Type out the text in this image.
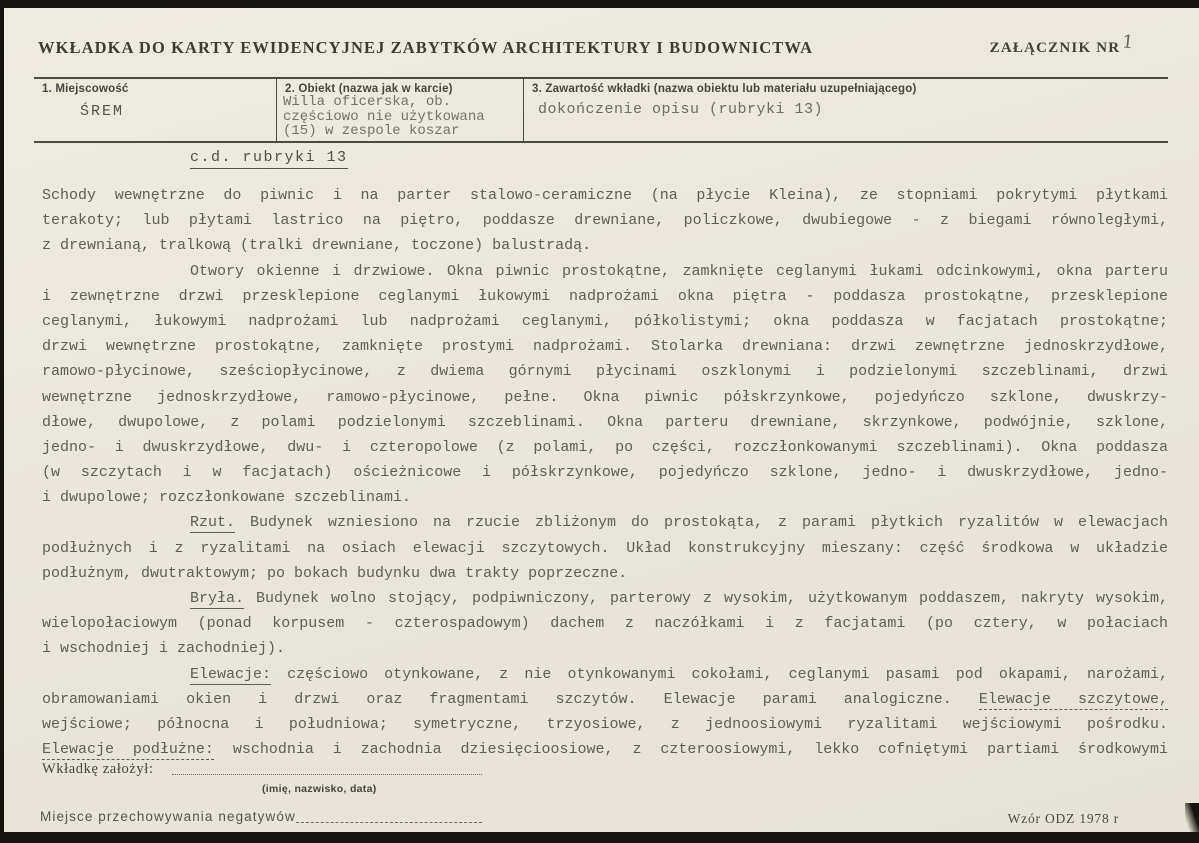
WKŁADKA DO KARTY EWIDENCYJNEJ ZABYTKÓW ARCHITEKTURY I BUDOWNICTWA	ZAŁĄCZNIK NR1
1. Miejscowość
ŚREM
2. Obiekt (nazwa jak w karcie)
Willa oficerska, ob.
częściowo nie użytkowana
(15) w zespole koszar
3. Zawartość wkładki (nazwa obiektu lub materiału uzupełniającego)
dokończenie opisu (rubryki 13)
c.d. rubryki 13
Schody wewnętrzne do piwnic i na parter stalowo-ceramiczne (na płycie Kleina), ze stopniami pokrytymi płytkami
terakoty; lub płytami lastrico na piętro, poddasze drewniane, policzkowe, dwubiegowe - z biegami równoległymi,
z drewnianą, tralkową (tralki drewniane, toczone) balustradą.
Otwory okienne i drzwiowe. Okna piwnic prostokątne, zamknięte ceglanymi łukami odcinkowymi, okna parteru
i zewnętrzne drzwi przesklepione ceglanymi łukowymi nadprożami okna piętra - poddasza prostokątne, przesklepione
ceglanymi, łukowymi nadprożami lub nadprożami ceglanymi, półkolistymi; okna poddasza w facjatach prostokątne;
drzwi wewnętrzne prostokątne, zamknięte prostymi nadprożami. Stolarka drewniana: drzwi zewnętrzne jednoskrzydłowe,
ramowo-płycinowe, sześciopłycinowe, z dwiema górnymi płycinami oszklonymi i podzielonymi szczeblinami, drzwi
wewnętrzne jednoskrzydłowe, ramowo-płycinowe, pełne. Okna piwnic półskrzynkowe, pojedyńczo szklone, dwuskrzy-
dłowe, dwupolowe, z polami podzielonymi szczeblinami. Okna parteru drewniane, skrzynkowe, podwójnie, szklone,
jedno- i dwuskrzydłowe, dwu- i czteropolowe (z polami, po części, rozczłonkowanymi szczeblinami). Okna poddasza
(w szczytach i w facjatach) ościeżnicowe i półskrzynkowe, pojedyńczo szklone, jedno- i dwuskrzydłowe, jedno-
i dwupolowe; rozczłonkowane szczeblinami.
Rzut. Budynek wzniesiono na rzucie zbliżonym do prostokąta, z parami płytkich ryzalitów w elewacjach
podłużnych i z ryzalitami na osiach elewacji szczytowych. Układ konstrukcyjny mieszany: część środkowa w układzie
podłużnym, dwutraktowym; po bokach budynku dwa trakty poprzeczne.
Bryła. Budynek wolno stojący, podpiwniczony, parterowy z wysokim, użytkowanym poddaszem, nakryty wysokim,
wielopołaciowym (ponad korpusem - czterospadowym) dachem z naczółkami i z facjatami (po cztery, w połaciach
i wschodniej i zachodniej).
Elewacje: częściowo otynkowane, z nie otynkowanymi cokołami, ceglanymi pasami pod okapami, narożami,
obramowaniami okien i drzwi oraz fragmentami szczytów. Elewacje parami analogiczne. Elewacje szczytowe,
wejściowe; północna i południowa; symetryczne, trzyosiowe, z jednoosiowymi ryzalitami wejściowymi pośrodku.
Elewacje podłużne: wschodnia i zachodnia dziesięcioosiowe, z czteroosiowymi, lekko cofniętymi partiami środkowymi
Wkładkę założył:
(imię, nazwisko, data)
Miejsce przechowywania negatywów	Wzór ODZ 1978 r
